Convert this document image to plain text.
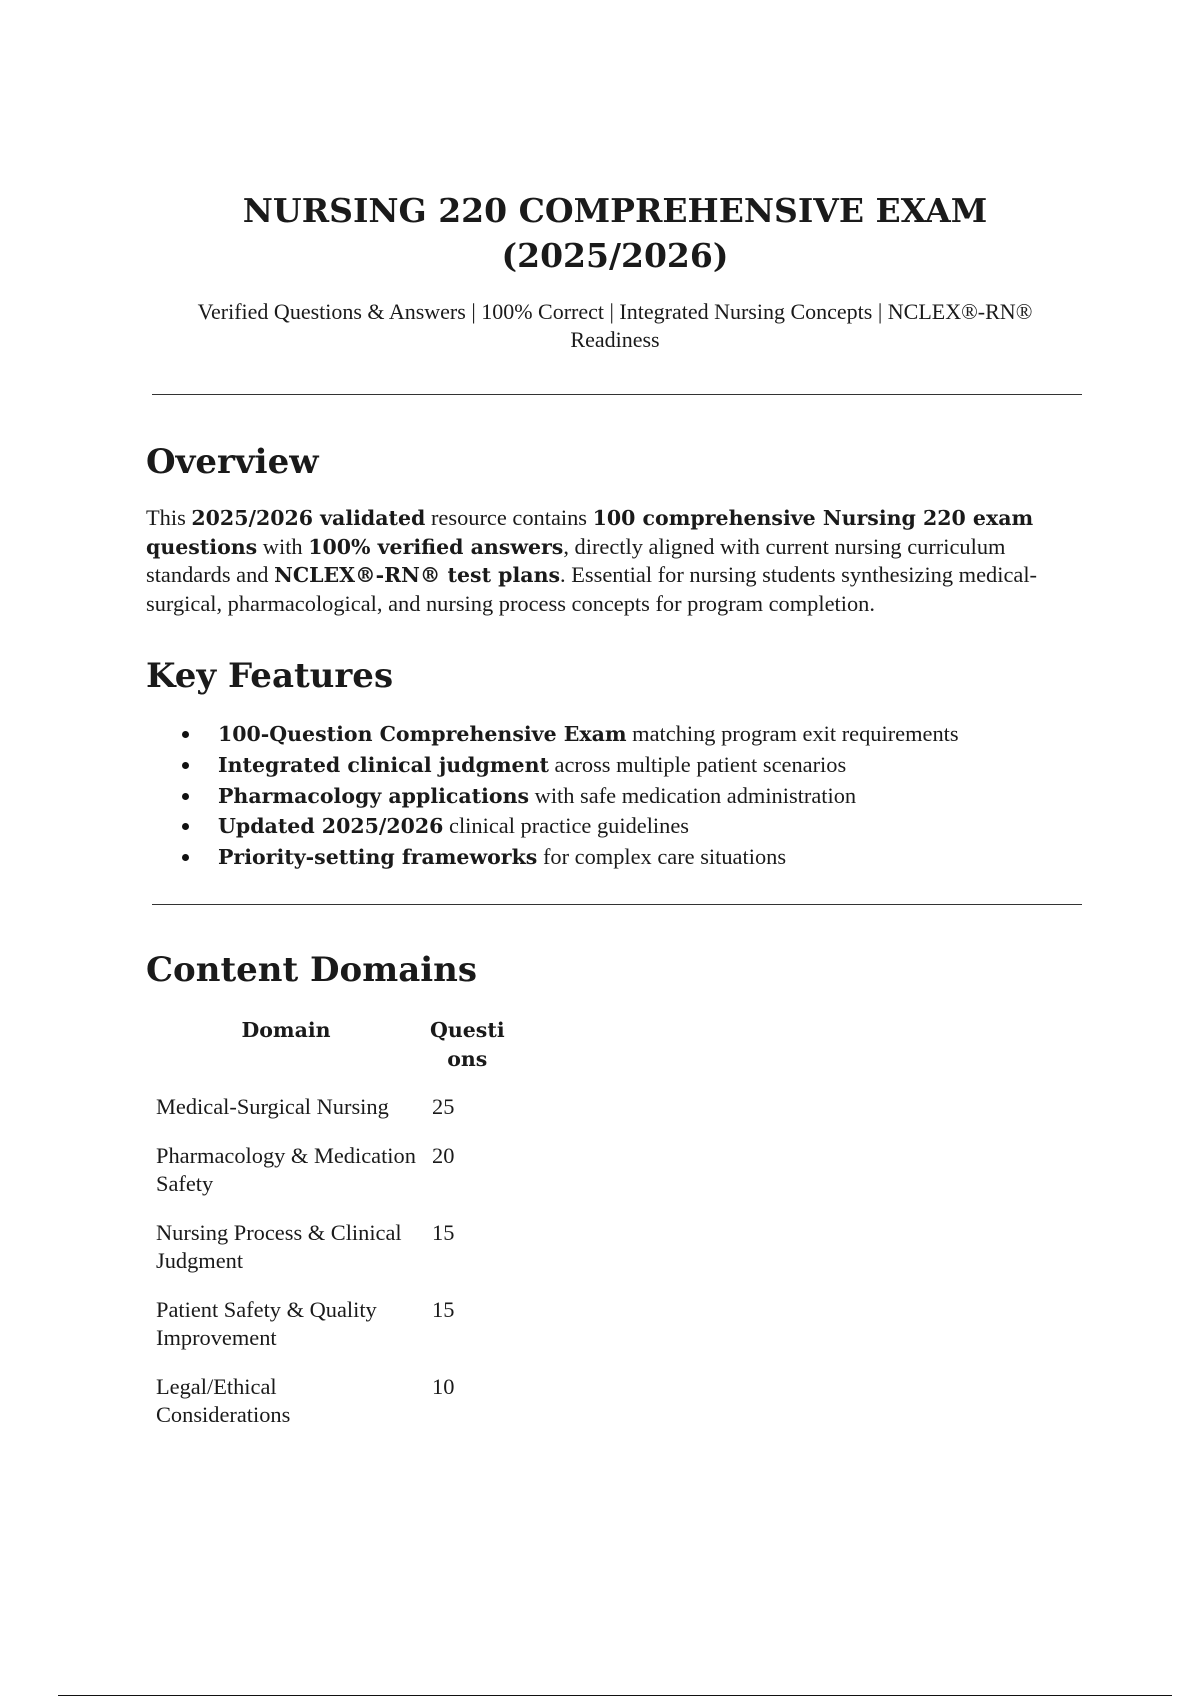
NURSING 220 COMPREHENSIVE EXAM
(2025/2026)

Verified Questions & Answers | 100% Correct | Integrated Nursing Concepts | NCLEX®-RN®
Readiness

Overview

This 2025/2026 validated resource contains 100 comprehensive Nursing 220 exam questions with 100% verified answers, directly aligned with current nursing curriculum standards and NCLEX®-RN® test plans. Essential for nursing students synthesizing medical-surgical, pharmacological, and nursing process concepts for program completion.

Key Features
100-Question Comprehensive Exam matching program exit requirements
Integrated clinical judgment across multiple patient scenarios
Pharmacology applications with safe medication administration
Updated 2025/2026 clinical practice guidelines
Priority-setting frameworks for complex care situations
Content Domains
Domain	Questi
ons
Medical-Surgical Nursing	25
Pharmacology & Medication
Safety	20
Nursing Process & Clinical
Judgment	15
Patient Safety & Quality
Improvement	15
Legal/Ethical
Considerations	10
